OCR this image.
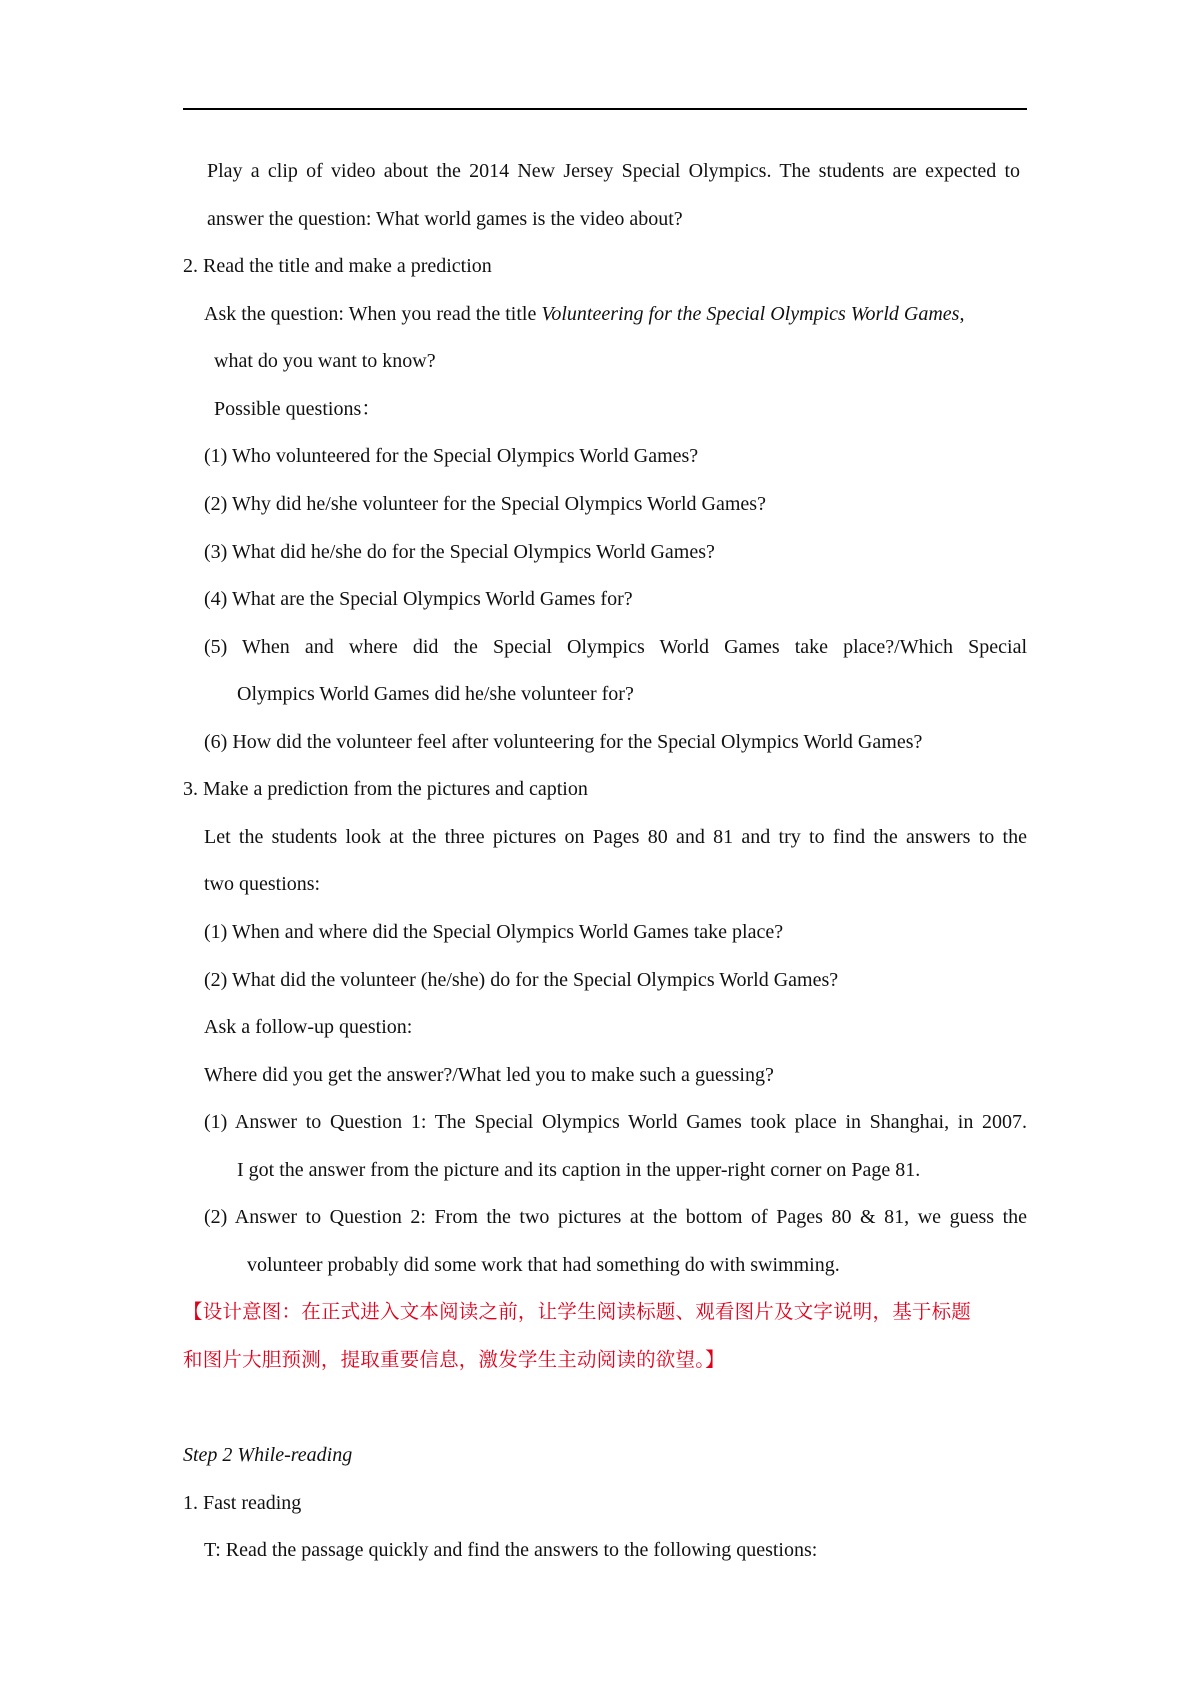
Play a clip of video about the 2014 New Jersey Special Olympics. The students are expected to
answer the question: What world games is the video about?
2. Read the title and make a prediction
Ask the question: When you read the title Volunteering for the Special Olympics World Games,
what do you want to know?
Possible questions：
(1) Who volunteered for the Special Olympics World Games?
(2) Why did he/she volunteer for the Special Olympics World Games?
(3) What did he/she do for the Special Olympics World Games?
(4) What are the Special Olympics World Games for?
(5) When and where did the Special Olympics World Games take place?/Which Special
Olympics World Games did he/she volunteer for?
(6) How did the volunteer feel after volunteering for the Special Olympics World Games?
3. Make a prediction from the pictures and caption
Let the students look at the three pictures on Pages 80 and 81 and try to find the answers to the
two questions:
(1) When and where did the Special Olympics World Games take place?
(2) What did the volunteer (he/she) do for the Special Olympics World Games?
Ask a follow-up question:
Where did you get the answer?/What led you to make such a guessing?
(1) Answer to Question 1: The Special Olympics World Games took place in Shanghai, in 2007.
I got the answer from the picture and its caption in the upper-right corner on Page 81.
(2) Answer to Question 2: From the two pictures at the bottom of Pages 80 & 81, we guess the
volunteer probably did some work that had something do with swimming.
【设计意图：在正式进入文本阅读之前，让学生阅读标题、观看图片及文字说明，基于标题
和图片大胆预测，提取重要信息，激发学生主动阅读的欲望。】
Step 2 While-reading
1. Fast reading
T: Read the passage quickly and find the answers to the following questions:
